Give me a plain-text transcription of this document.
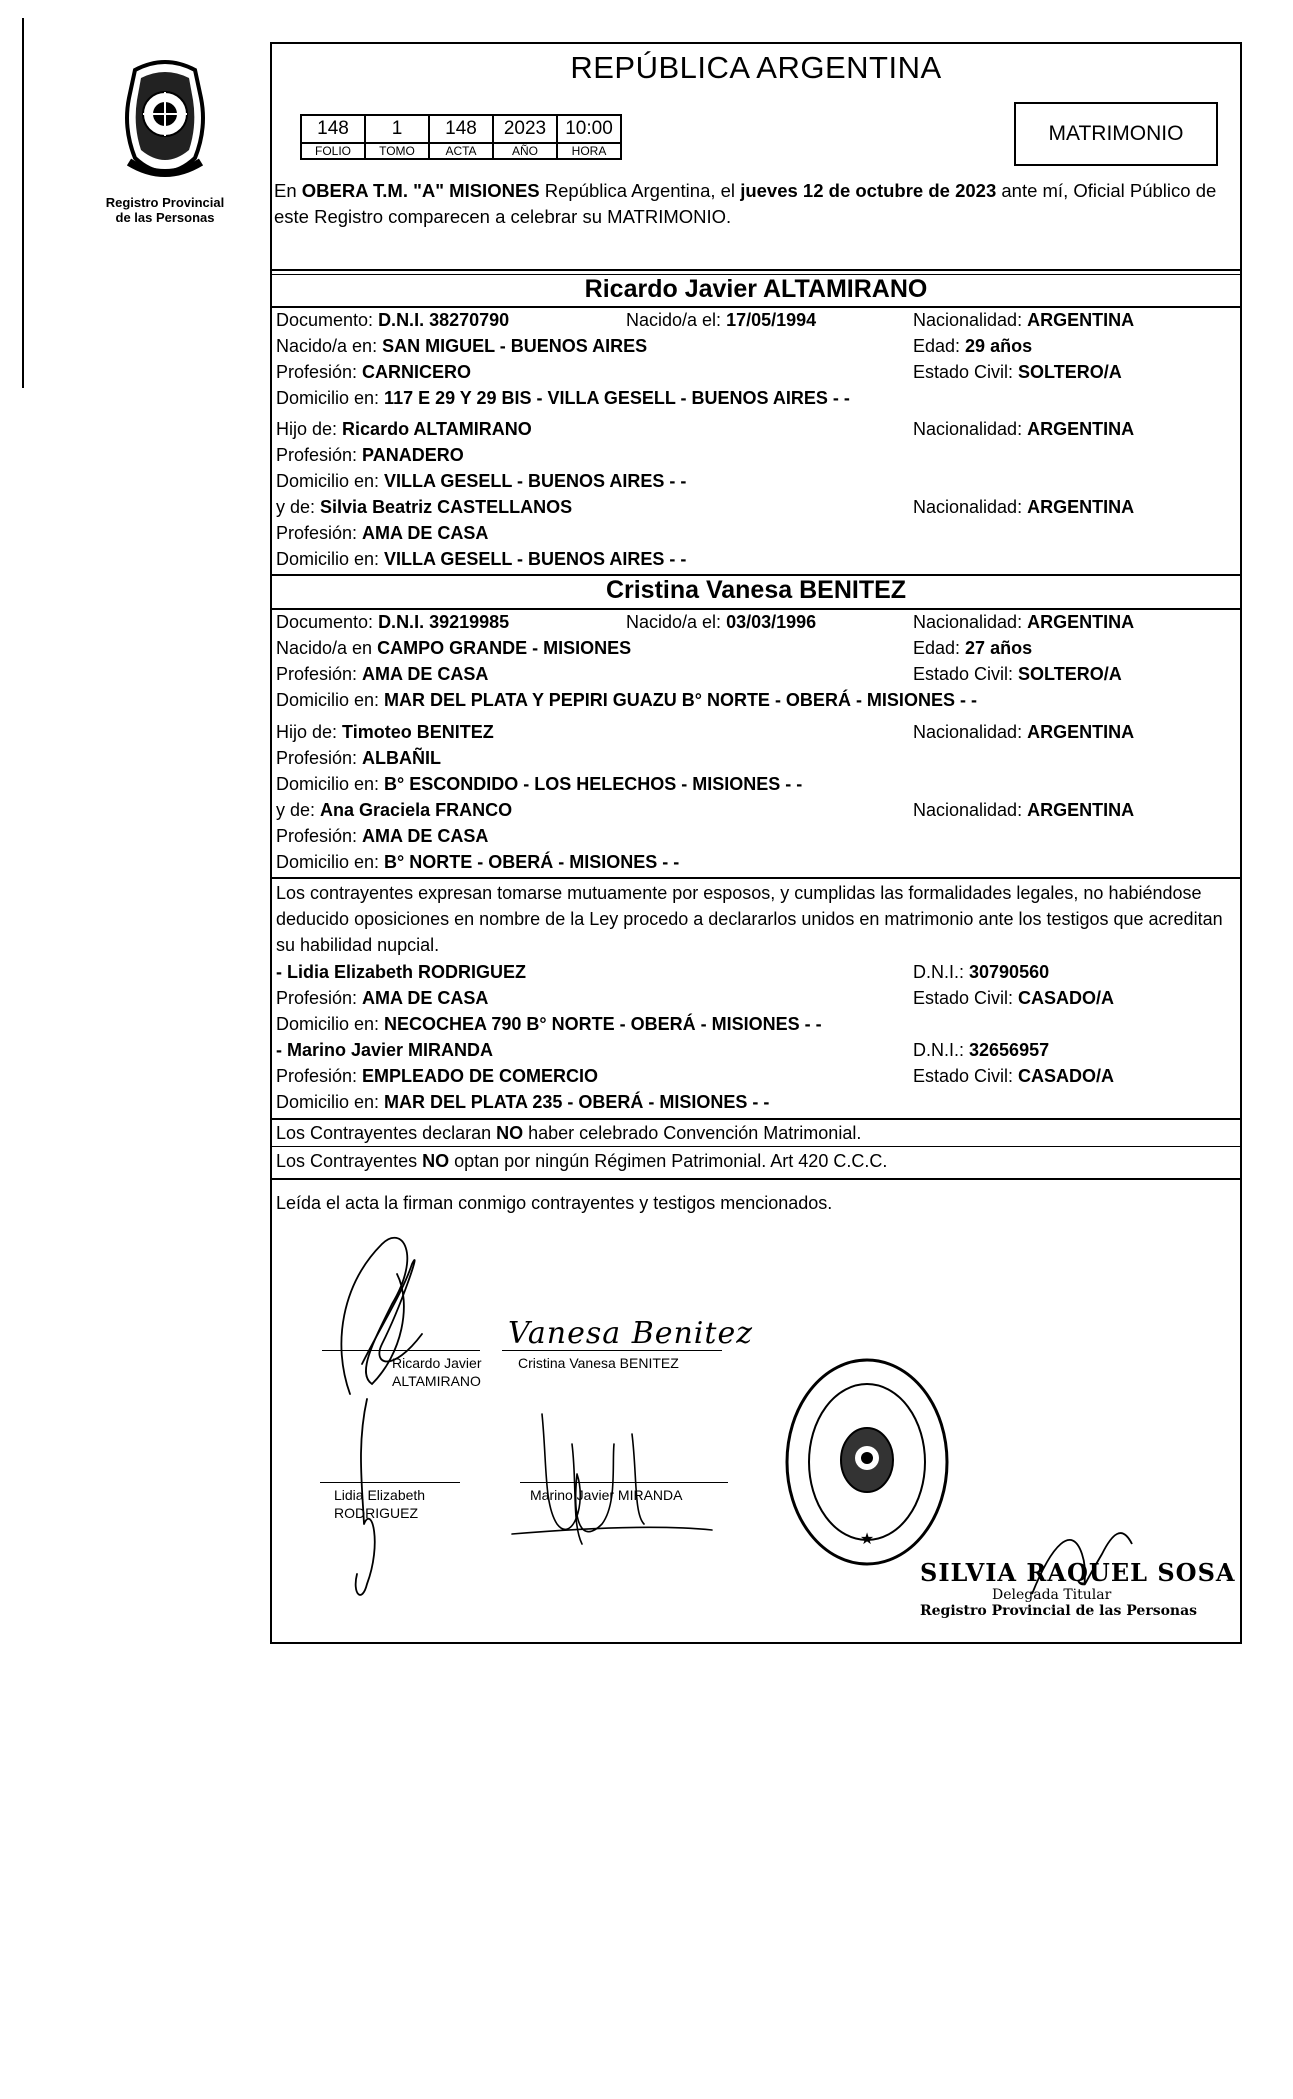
Registro Provincial
de las Personas
REPÚBLICA ARGENTINA
148	1	148	2023	10:00
FOLIO	TOMO	ACTA	AÑO	HORA
MATRIMONIO
En OBERA T.M. "A" MISIONES República Argentina, el jueves 12 de octubre de 2023 ante mí, Oficial Público de este Registro comparecen a celebrar su MATRIMONIO.
Ricardo Javier ALTAMIRANO
Documento: D.N.I. 38270790	Nacido/a el: 17/05/1994	Nacionalidad: ARGENTINA
Nacido/a en: SAN MIGUEL - BUENOS AIRES	Edad: 29 años
Profesión: CARNICERO	Estado Civil: SOLTERO/A
Domicilio en: 117 E 29 Y 29 BIS - VILLA GESELL - BUENOS AIRES - -
Hijo de: Ricardo ALTAMIRANO	Nacionalidad: ARGENTINA
Profesión: PANADERO
Domicilio en: VILLA GESELL - BUENOS AIRES - -
y de: Silvia Beatriz CASTELLANOS	Nacionalidad: ARGENTINA
Profesión: AMA DE CASA
Domicilio en: VILLA GESELL - BUENOS AIRES - -
Cristina Vanesa BENITEZ
Documento: D.N.I. 39219985	Nacido/a el: 03/03/1996	Nacionalidad: ARGENTINA
Nacido/a en CAMPO GRANDE - MISIONES	Edad: 27 años
Profesión: AMA DE CASA	Estado Civil: SOLTERO/A
Domicilio en: MAR DEL PLATA Y PEPIRI GUAZU B° NORTE - OBERÁ - MISIONES - -
Hijo de: Timoteo BENITEZ	Nacionalidad: ARGENTINA
Profesión: ALBAÑIL
Domicilio en: B° ESCONDIDO - LOS HELECHOS - MISIONES - -
y de: Ana Graciela FRANCO	Nacionalidad: ARGENTINA
Profesión: AMA DE CASA
Domicilio en: B° NORTE - OBERÁ - MISIONES - -
Los contrayentes expresan tomarse mutuamente por esposos, y cumplidas las formalidades legales, no habiéndose deducido oposiciones en nombre de la Ley procedo a declararlos unidos en matrimonio ante los testigos que acreditan su habilidad nupcial.
- Lidia Elizabeth RODRIGUEZ	D.N.I.: 30790560
Profesión: AMA DE CASA	Estado Civil: CASADO/A
Domicilio en: NECOCHEA 790 B° NORTE - OBERÁ - MISIONES - -
- Marino Javier MIRANDA	D.N.I.: 32656957
Profesión: EMPLEADO DE COMERCIO	Estado Civil: CASADO/A
Domicilio en: MAR DEL PLATA 235 - OBERÁ - MISIONES - -
Los Contrayentes declaran NO haber celebrado Convención Matrimonial.
Los Contrayentes NO optan por ningún Régimen Patrimonial. Art 420 C.C.C.
Leída el acta la firman conmigo contrayentes y testigos mencionados.
Vanesa Benitez
Ricardo Javier
ALTAMIRANO
Cristina Vanesa BENITEZ
Lidia Elizabeth
RODRIGUEZ
Marino Javier MIRANDA
★
SILVIA RAQUEL SOSA
Delegada Titular
Registro Provincial de las Personas
